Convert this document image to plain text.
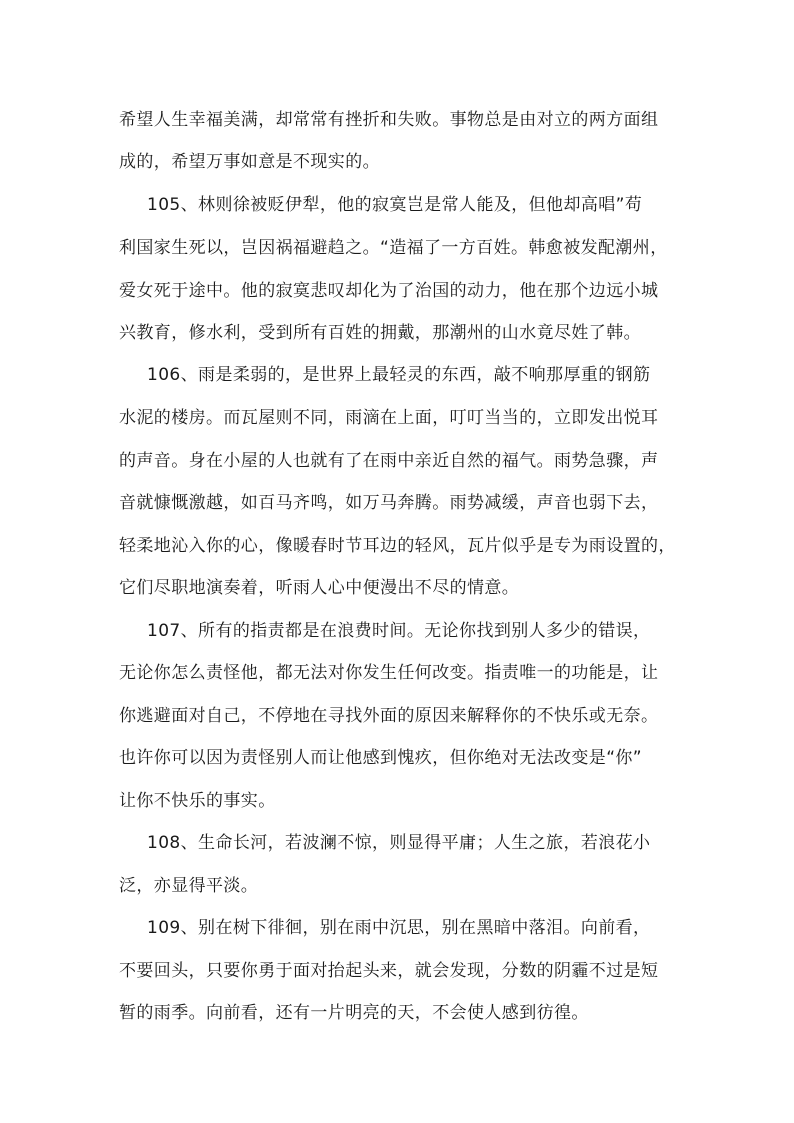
希望人生幸福美满，却常常有挫折和失败。事物总是由对立的两方面组
成的，希望万事如意是不现实的。
105、林则徐被贬伊犁，他的寂寞岂是常人能及，但他却高唱”苟
利国家生死以，岂因祸福避趋之。“造福了一方百姓。韩愈被发配潮州，
爱女死于途中。他的寂寞悲叹却化为了治国的动力，他在那个边远小城
兴教育，修水利，受到所有百姓的拥戴，那潮州的山水竟尽姓了韩。
106、雨是柔弱的，是世界上最轻灵的东西，敲不响那厚重的钢筋
水泥的楼房。而瓦屋则不同，雨滴在上面，叮叮当当的，立即发出悦耳
的声音。身在小屋的人也就有了在雨中亲近自然的福气。雨势急骤，声
音就慷慨激越，如百马齐鸣，如万马奔腾。雨势减缓，声音也弱下去，
轻柔地沁入你的心，像暖春时节耳边的轻风，瓦片似乎是专为雨设置的，
它们尽职地演奏着，听雨人心中便漫出不尽的情意。
107、所有的指责都是在浪费时间。无论你找到别人多少的错误，
无论你怎么责怪他，都无法对你发生任何改变。指责唯一的功能是，让
你逃避面对自己，不停地在寻找外面的原因来解释你的不快乐或无奈。
也许你可以因为责怪别人而让他感到愧疚，但你绝对无法改变是“你”
让你不快乐的事实。
108、生命长河，若波澜不惊，则显得平庸；人生之旅，若浪花小
泛，亦显得平淡。
109、别在树下徘徊，别在雨中沉思，别在黑暗中落泪。向前看，
不要回头，只要你勇于面对抬起头来，就会发现，分数的阴霾不过是短
暂的雨季。向前看，还有一片明亮的天，不会使人感到彷徨。
